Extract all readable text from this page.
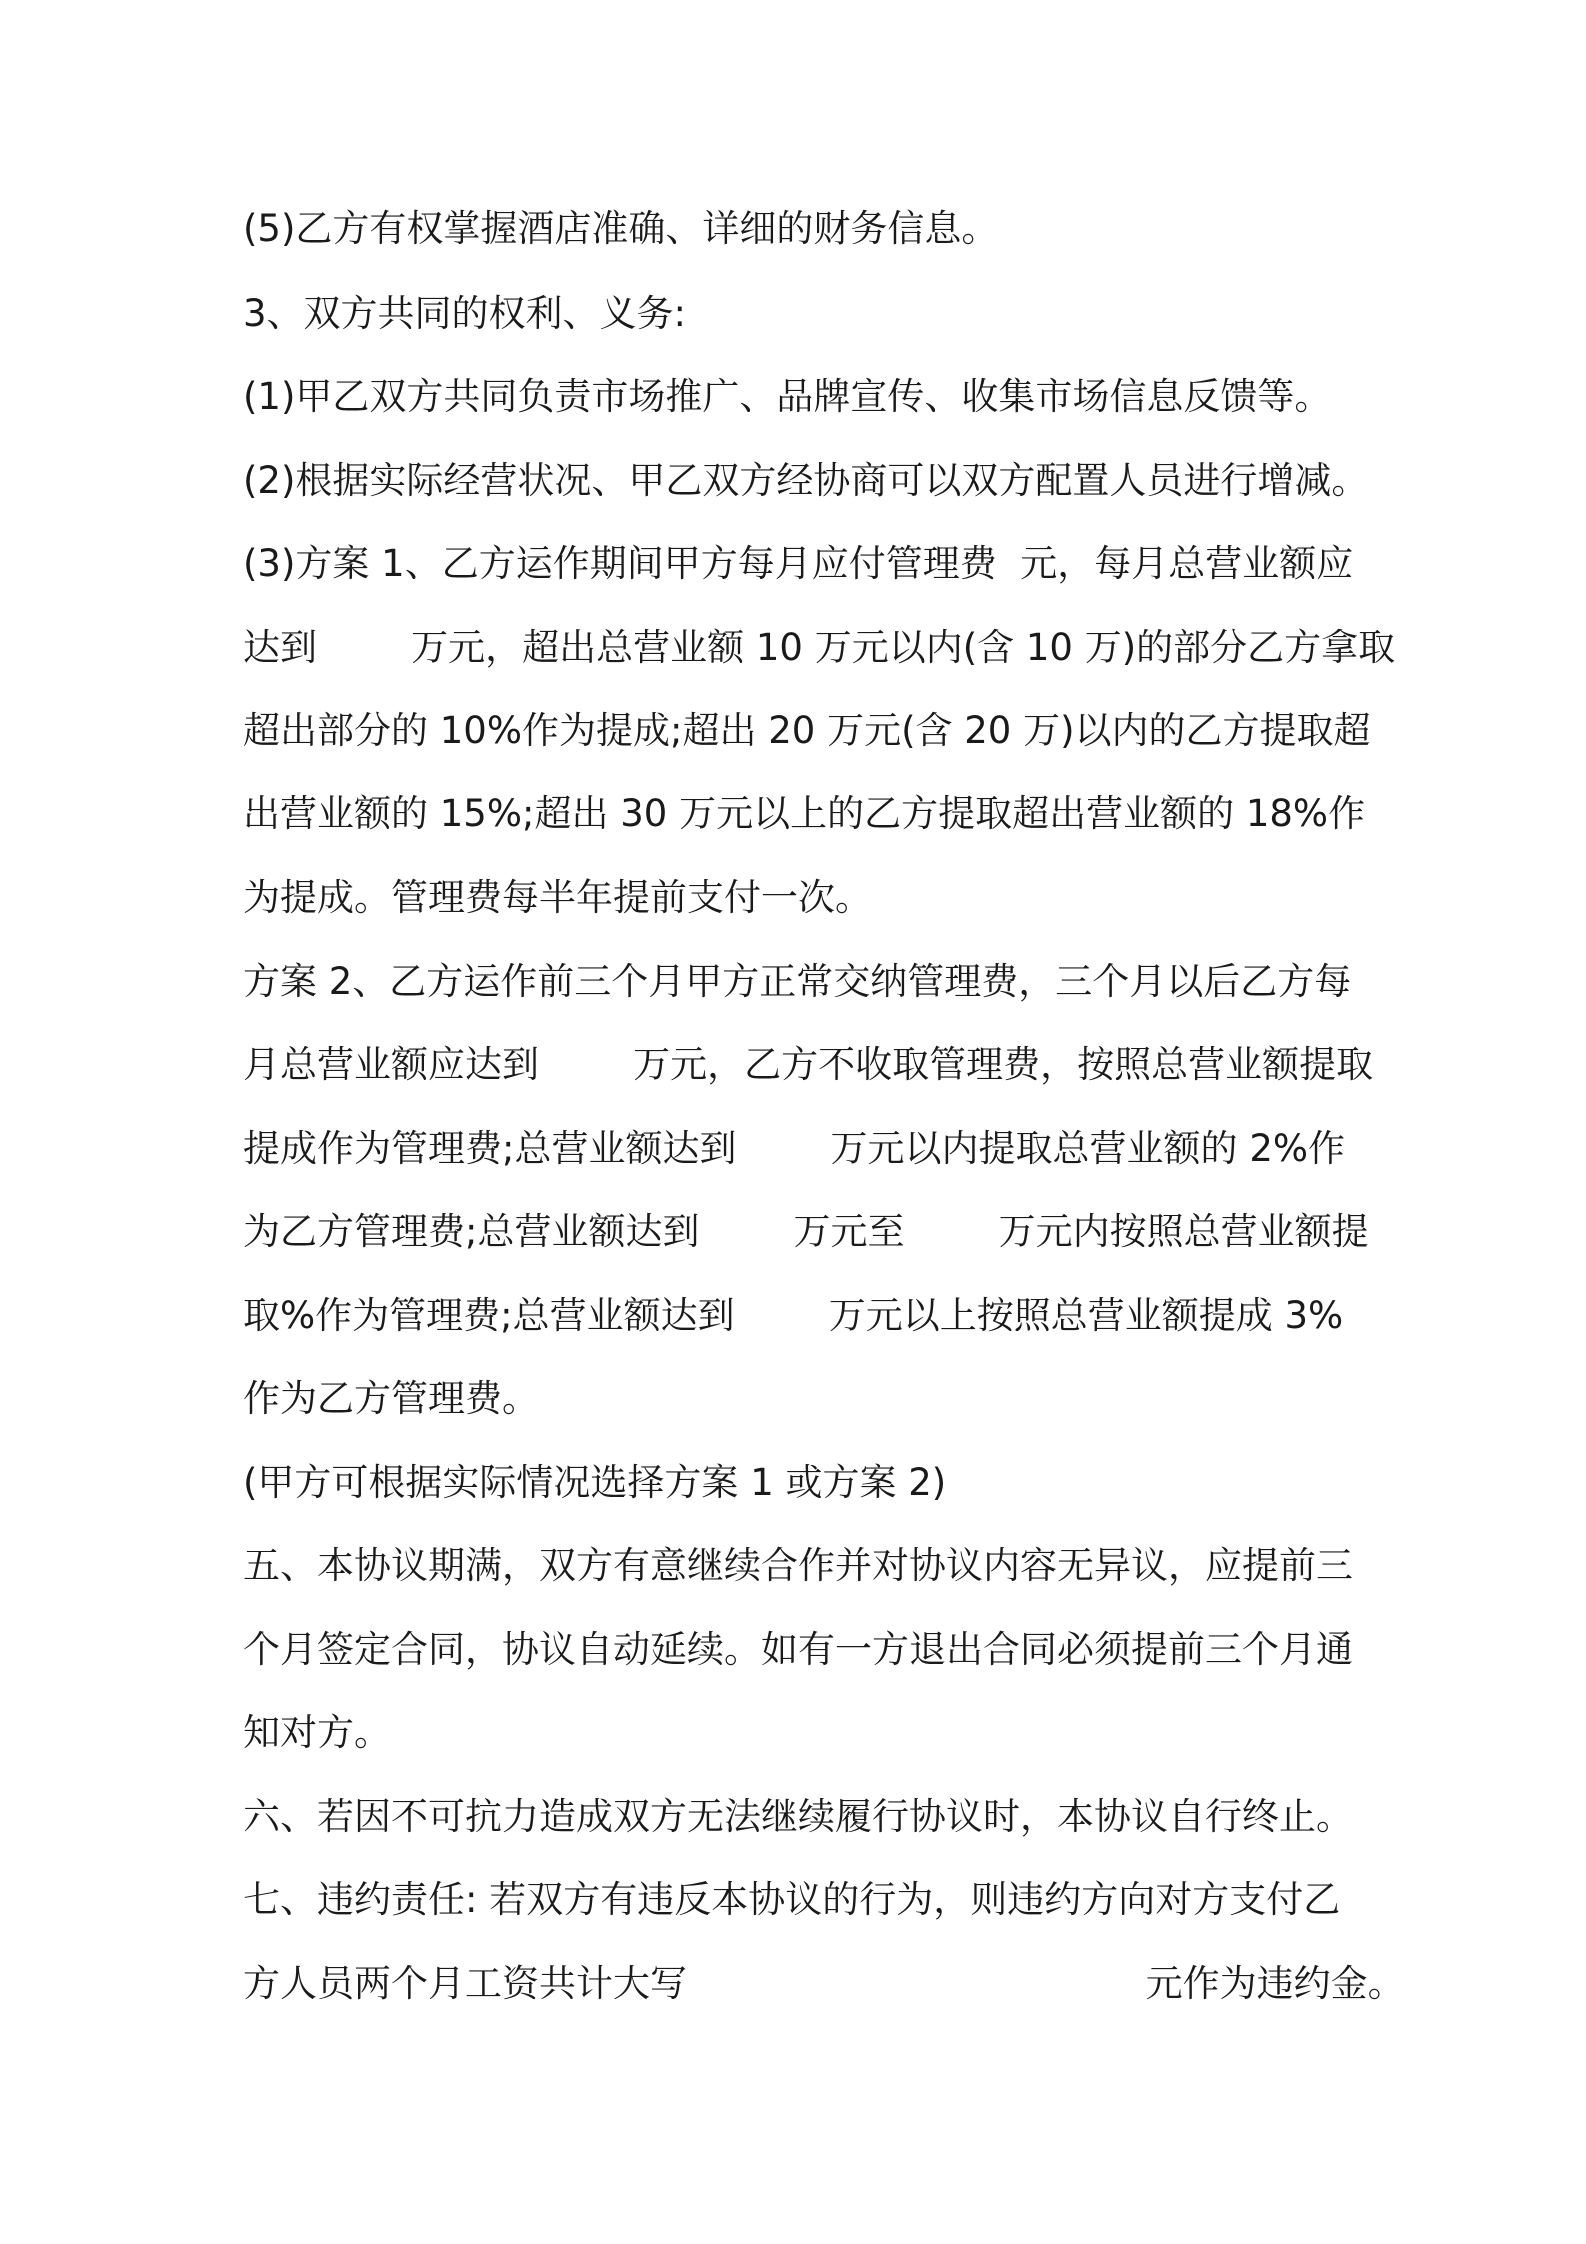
(5)乙方有权掌握酒店准确、详细的财务信息。
3、双方共同的权利、义务:
(1)甲乙双方共同负责市场推广、品牌宣传、收集市场信息反馈等。
(2)根据实际经营状况、甲乙双方经协商可以双方配置人员进行增减。
(3)方案 1、乙方运作期间甲方每月应付管理费  元，每月总营业额应
达到        万元，超出总营业额 10 万元以内(含 10 万)的部分乙方拿取
超出部分的 10%作为提成;超出 20 万元(含 20 万)以内的乙方提取超
出营业额的 15%;超出 30 万元以上的乙方提取超出营业额的 18%作
为提成。管理费每半年提前支付一次。
方案 2、乙方运作前三个月甲方正常交纳管理费，三个月以后乙方每
月总营业额应达到        万元，乙方不收取管理费，按照总营业额提取
提成作为管理费;总营业额达到        万元以内提取总营业额的 2%作
为乙方管理费;总营业额达到        万元至        万元内按照总营业额提
取%作为管理费;总营业额达到        万元以上按照总营业额提成 3%
作为乙方管理费。
(甲方可根据实际情况选择方案 1 或方案 2)
五、本协议期满，双方有意继续合作并对协议内容无异议，应提前三
个月签定合同，协议自动延续。如有一方退出合同必须提前三个月通
知对方。
六、若因不可抗力造成双方无法继续履行协议时，本协议自行终止。
七、违约责任: 若双方有违反本协议的行为，则违约方向对方支付乙
方人员两个月工资共计大写                                       元作为违约金。
